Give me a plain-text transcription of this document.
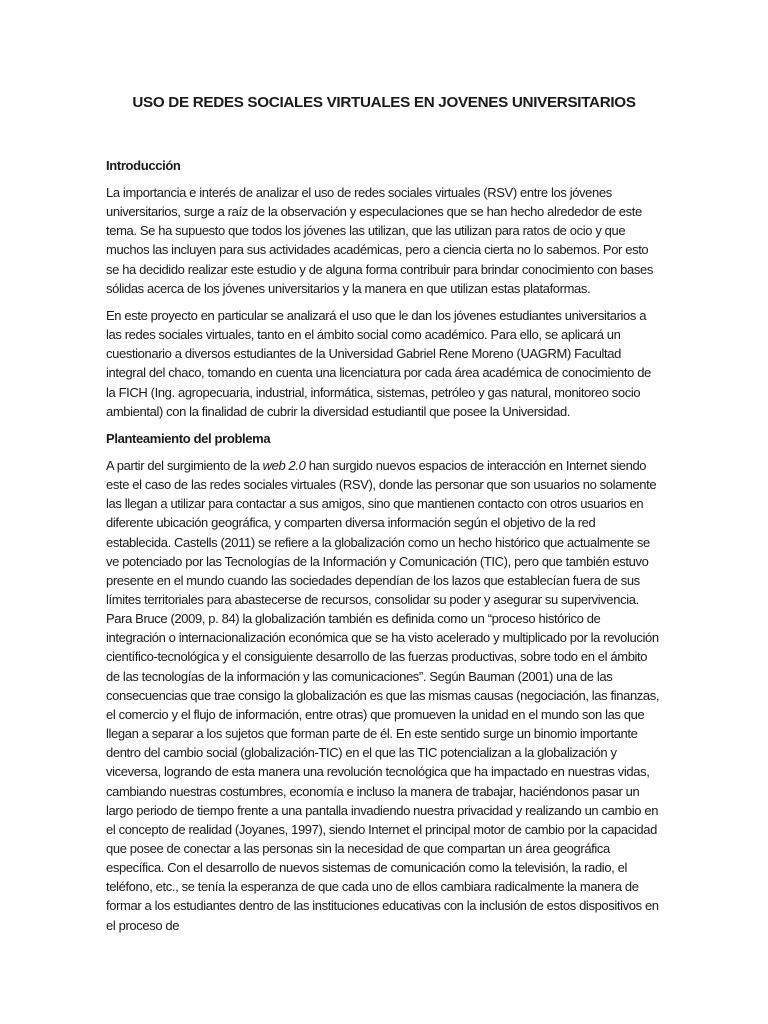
USO DE REDES SOCIALES VIRTUALES EN JOVENES UNIVERSITARIOS
Introducción

La importancia e interés de analizar el uso de redes sociales virtuales (RSV) entre los jóvenes universitarios, surge a raíz de la observación y especulaciones que se han hecho alrededor de este tema. Se ha supuesto que todos los jóvenes las utilizan, que las utilizan para ratos de ocio y que muchos las incluyen para sus actividades académicas, pero a ciencia cierta no lo sabemos. Por esto se ha decidido realizar este estudio y de alguna forma contribuir para brindar conocimiento con bases sólidas acerca de los jóvenes universitarios y la manera en que utilizan estas plataformas.

En este proyecto en particular se analizará el uso que le dan los jóvenes estudiantes universitarios a las redes sociales virtuales, tanto en el ámbito social como académico. Para ello, se aplicará un cuestionario a diversos estudiantes de la Universidad Gabriel Rene Moreno (UAGRM) Facultad integral del chaco, tomando en cuenta una licenciatura por cada área académica de conocimiento de la FICH (Ing. agropecuaria, industrial, informática, sistemas, petróleo y gas natural, monitoreo socio ambiental) con la finalidad de cubrir la diversidad estudiantil que posee la Universidad.

Planteamiento del problema

A partir del surgimiento de la web 2.0 han surgido nuevos espacios de interacción en Internet siendo este el caso de las redes sociales virtuales (RSV), donde las personar que son usuarios no solamente las llegan a utilizar para contactar a sus amigos, sino que mantienen contacto con otros usuarios en diferente ubicación geográfica, y comparten diversa información según el objetivo de la red establecida. Castells (2011) se refiere a la globalización como un hecho histórico que actualmente se ve potenciado por las Tecnologías de la Información y Comunicación (TIC), pero que también estuvo presente en el mundo cuando las sociedades dependían de los lazos que establecían fuera de sus límites territoriales para abastecerse de recursos, consolidar su poder y asegurar su supervivencia. Para Bruce (2009, p. 84) la globalización también es definida como un “proceso histórico de integración o internacionalización económica que se ha visto acelerado y multiplicado por la revolución científico-tecnológica y el consiguiente desarrollo de las fuerzas productivas, sobre todo en el ámbito de las tecnologías de la información y las comunicaciones”. Según Bauman (2001) una de las consecuencias que trae consigo la globalización es que las mismas causas (negociación, las finanzas, el comercio y el flujo de información, entre otras) que promueven la unidad en el mundo son las que llegan a separar a los sujetos que forman parte de él. En este sentido surge un binomio importante dentro del cambio social (globalización-TIC) en el que las TIC potencializan a la globalización y viceversa, logrando de esta manera una revolución tecnológica que ha impactado en nuestras vidas, cambiando nuestras costumbres, economía e incluso la manera de trabajar, haciéndonos pasar un largo periodo de tiempo frente a una pantalla invadiendo nuestra privacidad y realizando un cambio en el concepto de realidad (Joyanes, 1997), siendo Internet el principal motor de cambio por la capacidad que posee de conectar a las personas sin la necesidad de que compartan un área geográfica específica. Con el desarrollo de nuevos sistemas de comunicación como la televisión, la radio, el teléfono, etc., se tenía la esperanza de que cada uno de ellos cambiara radicalmente la manera de formar a los estudiantes dentro de las instituciones educativas con la inclusión de estos dispositivos en el proceso de
